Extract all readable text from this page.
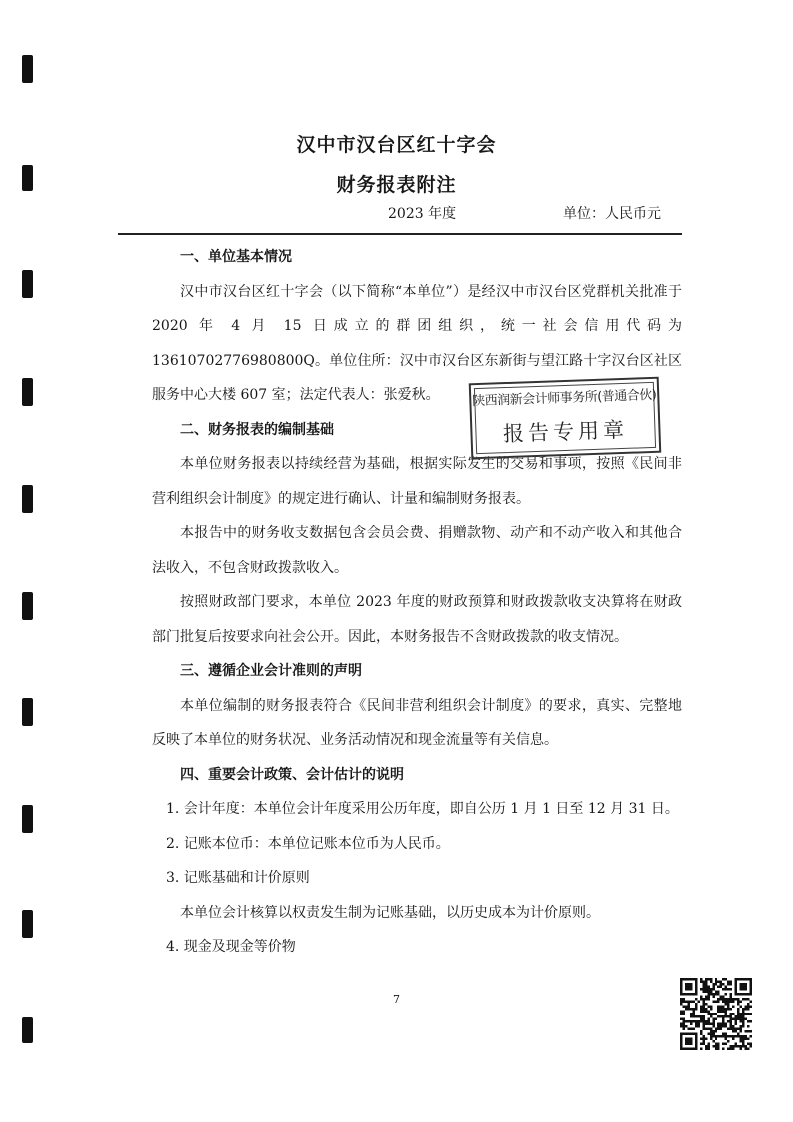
汉中市汉台区红十字会
财务报表附注
2023 年度	单位：人民币元

一、单位基本情况

汉中市汉台区红十字会（以下简称“本单位”）是经汉中市汉台区党群机关批准于 2020 年 4 月 15 日成立的群团组织，统一社会信用代码为 13610702776980800Q。单位住所：汉中市汉台区东新街与望江路十字汉台区社区服务中心大楼 607 室；法定代表人：张爱秋。

二、财务报表的编制基础

本单位财务报表以持续经营为基础，根据实际发生的交易和事项，按照《民间非营利组织会计制度》的规定进行确认、计量和编制财务报表。

本报告中的财务收支数据包含会员会费、捐赠款物、动产和不动产收入和其他合法收入，不包含财政拨款收入。

按照财政部门要求，本单位 2023 年度的财政预算和财政拨款收支决算将在财政部门批复后按要求向社会公开。因此，本财务报告不含财政拨款的收支情况。

三、遵循企业会计准则的声明

本单位编制的财务报表符合《民间非营利组织会计制度》的要求，真实、完整地反映了本单位的财务状况、业务活动情况和现金流量等有关信息。

四、重要会计政策、会计估计的说明

1. 会计年度：本单位会计年度采用公历年度，即自公历 1 月 1 日至 12 月 31 日。

2. 记账本位币：本单位记账本位币为人民币。

3. 记账基础和计价原则

本单位会计核算以权责发生制为记账基础，以历史成本为计价原则。

4. 现金及现金等价物

陕西润新会计师事务所(普通合伙)
报告专用章
7
